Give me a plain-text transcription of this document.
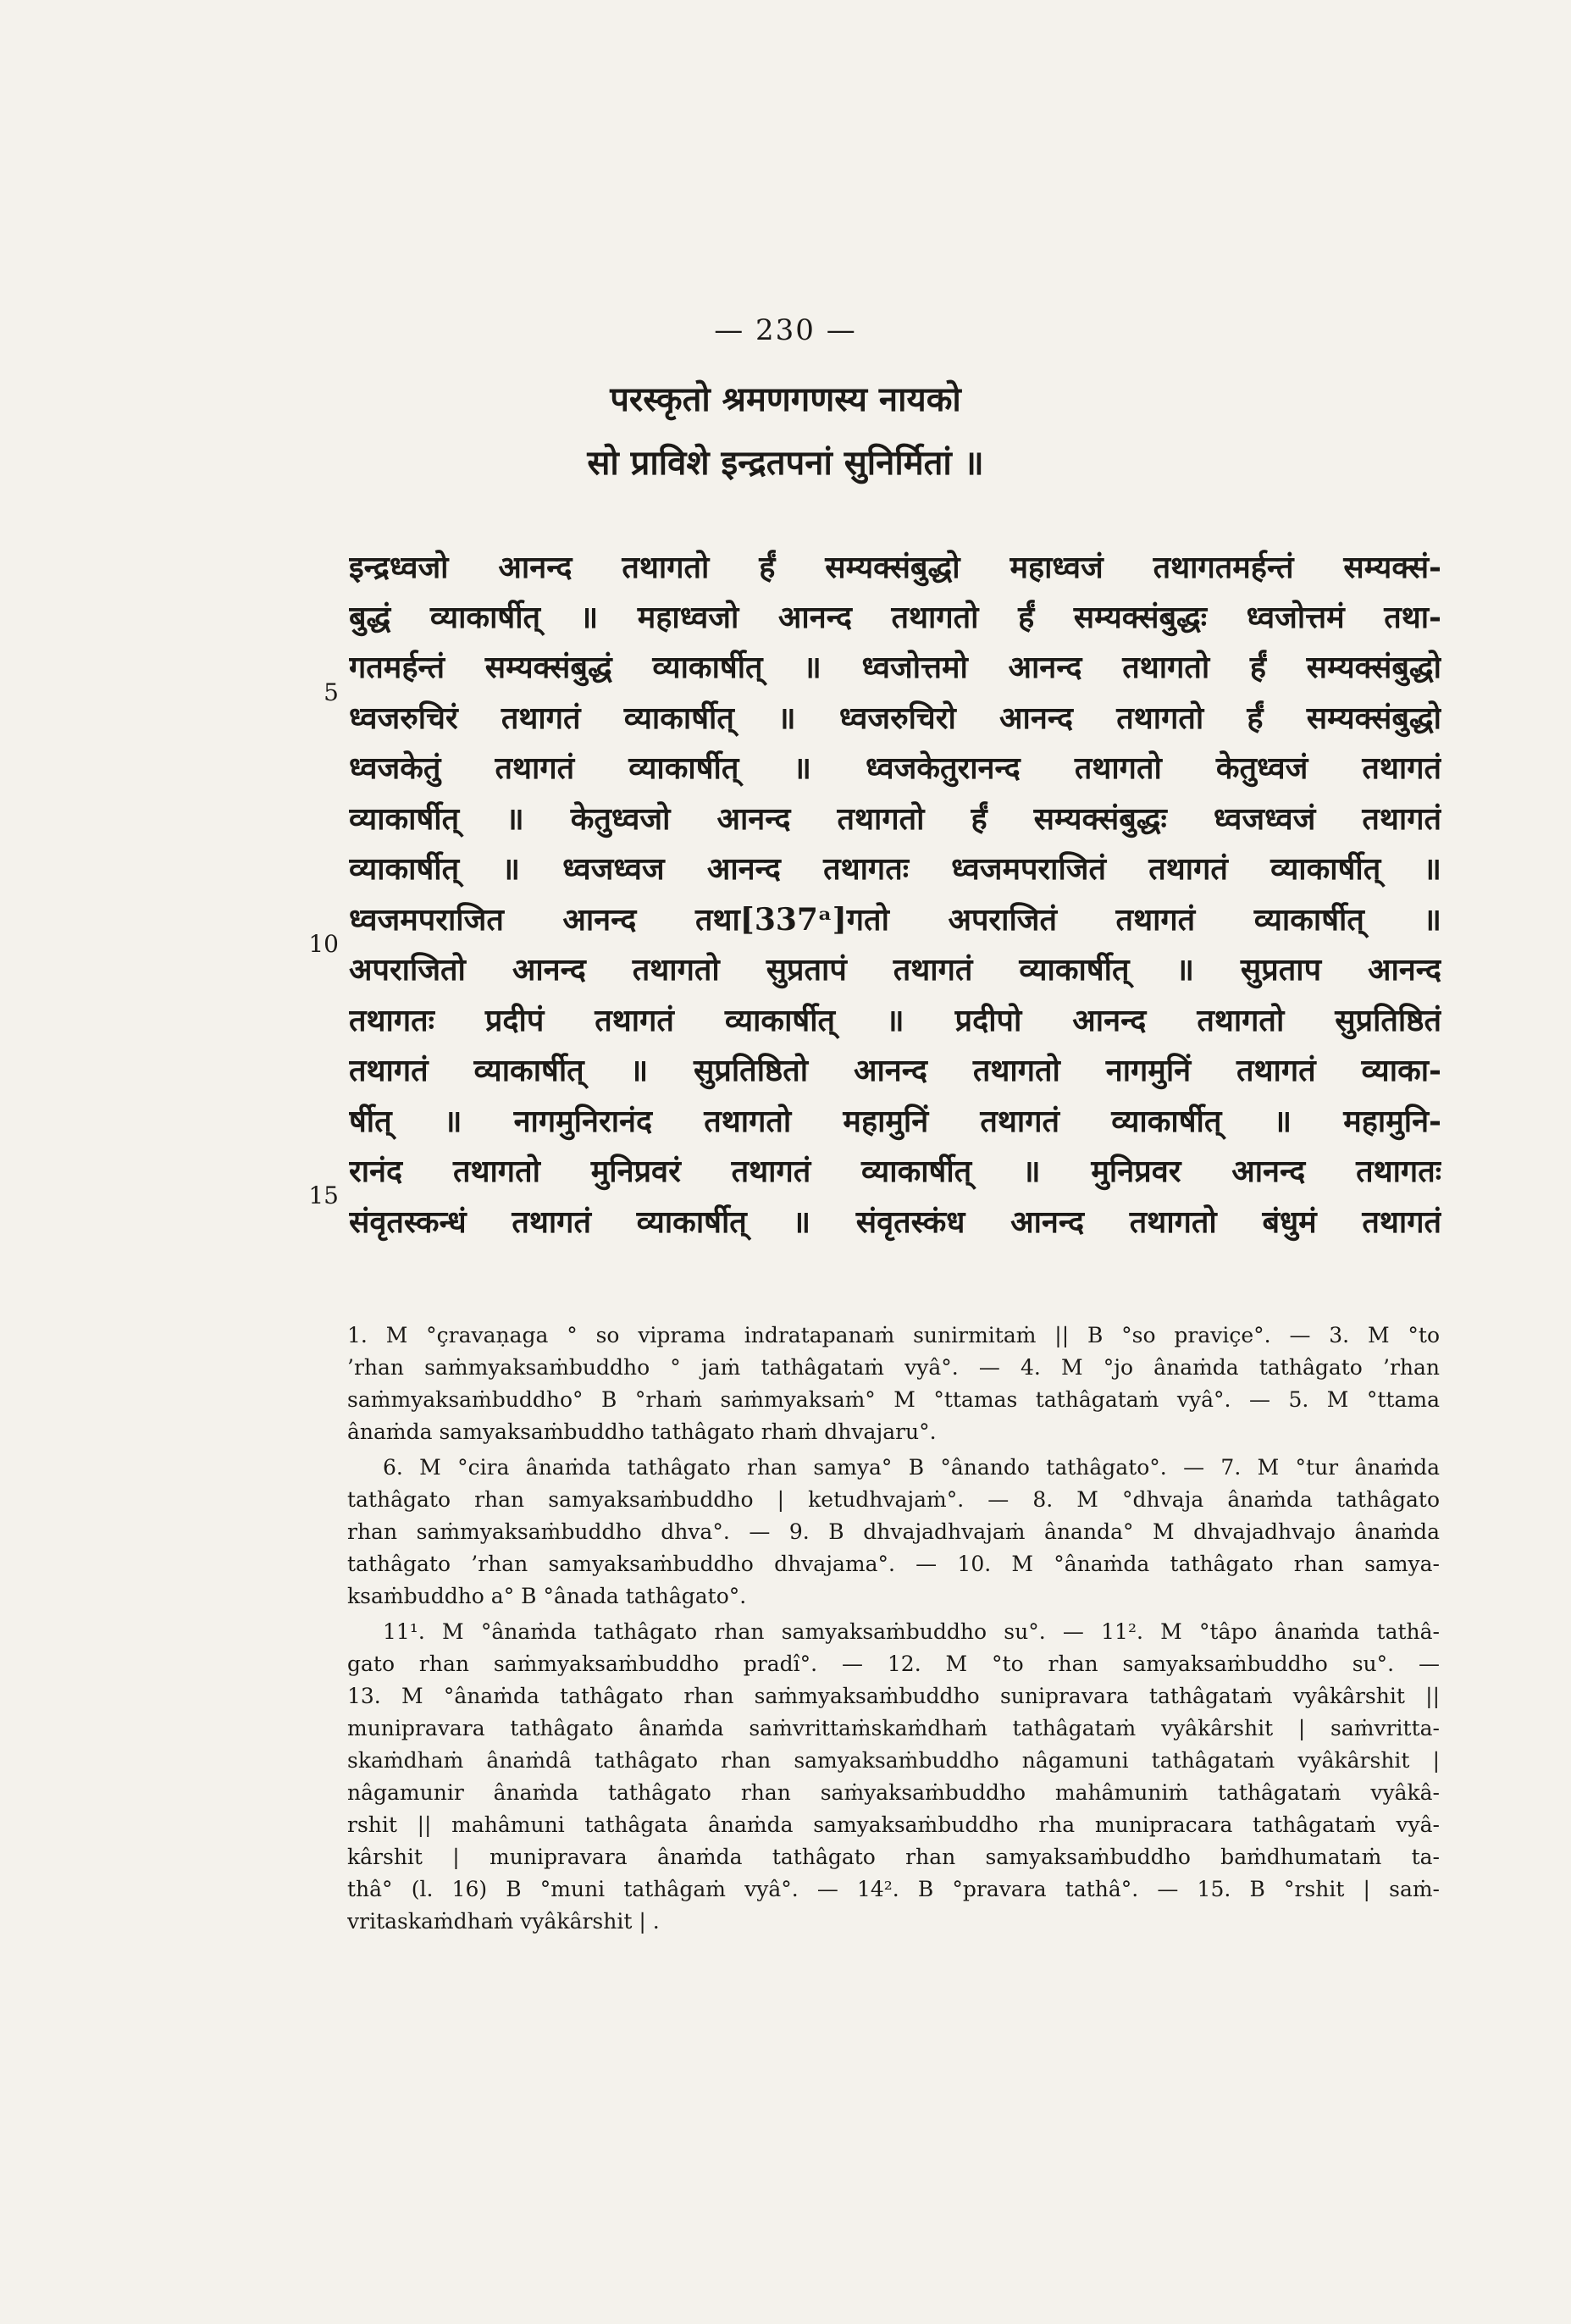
— 230 —
परस्कृतो श्रमणगणस्य नायको
सो प्राविशे इन्द्रतपनां सुनिर्मितां ॥
5
10
15
इन्द्रध्वजो आनन्द तथागतो र्हं सम्यक्संबुद्धो महाध्वजं तथागतमर्हन्तं सम्यक्सं-
बुद्धं व्याकार्षीत् ॥ महाध्वजो आनन्द तथागतो र्हं सम्यक्संबुद्धः ध्वजोत्तमं तथा-
गतमर्हन्तं सम्यक्संबुद्धं व्याकार्षीत् ॥ ध्वजोत्तमो आनन्द तथागतो र्हं सम्यक्संबुद्धो
ध्वजरुचिरं तथागतं व्याकार्षीत् ॥ ध्वजरुचिरो आनन्द तथागतो र्हं सम्यक्संबुद्धो
ध्वजकेतुं तथागतं व्याकार्षीत् ॥ ध्वजकेतुरानन्द तथागतो केतुध्वजं तथागतं
व्याकार्षीत् ॥ केतुध्वजो आनन्द तथागतो र्हं सम्यक्संबुद्धः ध्वजध्वजं तथागतं
व्याकार्षीत् ॥ ध्वजध्वज आनन्द तथागतः ध्वजमपराजितं तथागतं व्याकार्षीत् ॥
ध्वजमपराजित आनन्द तथा[337ᵃ]गतो अपराजितं तथागतं व्याकार्षीत् ॥
अपराजितो आनन्द तथागतो सुप्रतापं तथागतं व्याकार्षीत् ॥ सुप्रताप आनन्द
तथागतः प्रदीपं तथागतं व्याकार्षीत् ॥ प्रदीपो आनन्द तथागतो सुप्रतिष्ठितं
तथागतं व्याकार्षीत् ॥ सुप्रतिष्ठितो आनन्द तथागतो नागमुनिं तथागतं व्याका-
र्षीत् ॥ नागमुनिरानंद तथागतो महामुनिं तथागतं व्याकार्षीत् ॥ महामुनि-
रानंद तथागतो मुनिप्रवरं तथागतं व्याकार्षीत् ॥ मुनिप्रवर आनन्द तथागतः
संवृतस्कन्धं तथागतं व्याकार्षीत् ॥ संवृतस्कंध आनन्द तथागतो बंधुमं तथागतं
1. M °çravaṇaga ° so viprama indratapanaṁ sunirmitaṁ || B °so praviçe°. — 3. M °to
’rhan saṁmyaksaṁbuddho ° jaṁ tathâgataṁ vyâ°. — 4. M °jo ânaṁda tathâgato ’rhan
saṁmyaksaṁbuddho° B °rhaṁ saṁmyaksaṁ° M °ttamas tathâgataṁ vyâ°. — 5. M °ttama
ânaṁda samyaksaṁbuddho tathâgato rhaṁ dhvajaru°.
6. M °cira ânaṁda tathâgato rhan samya° B °ânando tathâgato°. — 7. M °tur ânaṁda
tathâgato rhan samyaksaṁbuddho | ketudhvajaṁ°. — 8. M °dhvaja ânaṁda tathâgato
rhan saṁmyaksaṁbuddho dhva°. — 9. B dhvajadhvajaṁ ânanda° M dhvajadhvajo ânaṁda
tathâgato ’rhan samyaksaṁbuddho dhvajama°. — 10. M °ânaṁda tathâgato rhan samya-
ksaṁbuddho a° B °ânada tathâgato°.
11¹. M °ânaṁda tathâgato rhan samyaksaṁbuddho su°. — 11². M °tâpo ânaṁda tathâ-
gato rhan saṁmyaksaṁbuddho pradî°. — 12. M °to rhan samyaksaṁbuddho su°. —
13. M °ânaṁda tathâgato rhan saṁmyaksaṁbuddho sunipravara tathâgataṁ vyâkârshit ||
munipravara tathâgato ânaṁda saṁvrittaṁskaṁdhaṁ tathâgataṁ vyâkârshit | saṁvritta-
skaṁdhaṁ ânaṁdâ tathâgato rhan samyaksaṁbuddho nâgamuni tathâgataṁ vyâkârshit |
nâgamunir ânaṁda tathâgato rhan saṁyaksaṁbuddho mahâmuniṁ tathâgataṁ vyâkâ-
rshit || mahâmuni tathâgata ânaṁda samyaksaṁbuddho rha munipracara tathâgataṁ vyâ-
kârshit | munipravara ânaṁda tathâgato rhan samyaksaṁbuddho baṁdhumataṁ ta-
thâ° (l. 16) B °muni tathâgaṁ vyâ°. — 14². B °pravara tathâ°. — 15. B °rshit | saṁ-
vritaskaṁdhaṁ vyâkârshit | .
